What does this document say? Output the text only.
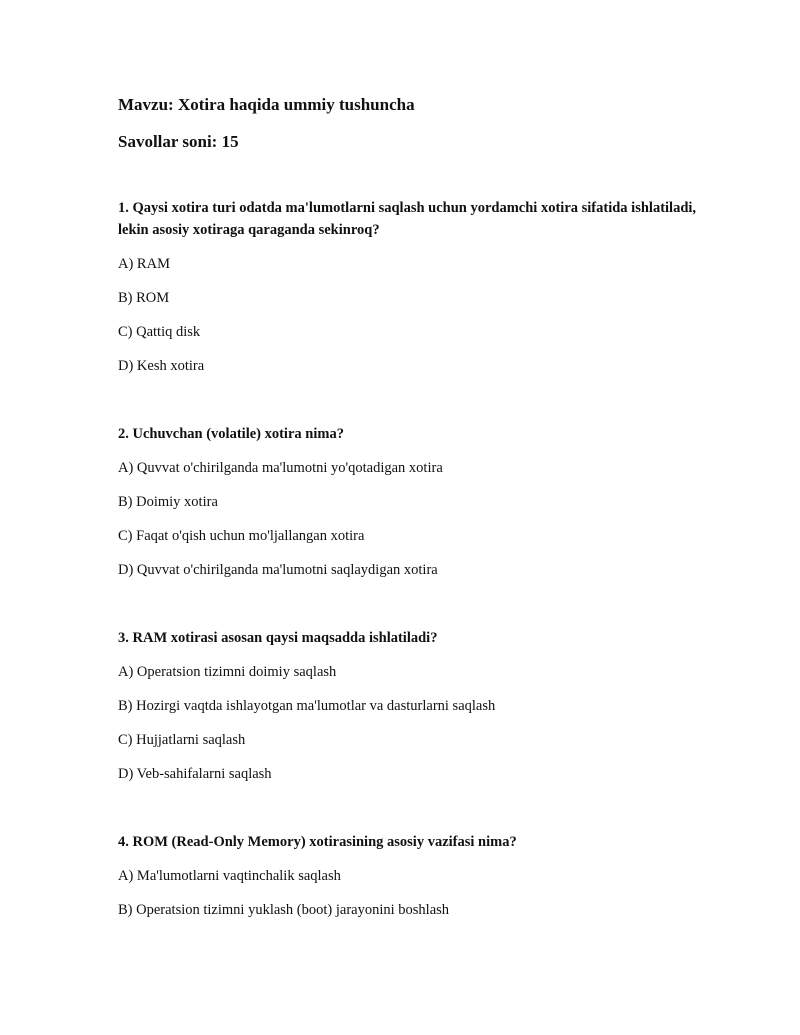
Mavzu: Xotira haqida ummiy tushuncha
Savollar soni: 15

1. Qaysi xotira turi odatda ma'lumotlarni saqlash uchun yordamchi xotira sifatida ishlatiladi, lekin asosiy xotiraga qaraganda sekinroq?

A) RAM

B) ROM

C) Qattiq disk

D) Kesh xotira

2. Uchuvchan (volatile) xotira nima?

A) Quvvat o'chirilganda ma'lumotni yo'qotadigan xotira

B) Doimiy xotira

C) Faqat o'qish uchun mo'ljallangan xotira

D) Quvvat o'chirilganda ma'lumotni saqlaydigan xotira

3. RAM xotirasi asosan qaysi maqsadda ishlatiladi?

A) Operatsion tizimni doimiy saqlash

B) Hozirgi vaqtda ishlayotgan ma'lumotlar va dasturlarni saqlash

C) Hujjatlarni saqlash

D) Veb-sahifalarni saqlash

4. ROM (Read-Only Memory) xotirasining asosiy vazifasi nima?

A) Ma'lumotlarni vaqtinchalik saqlash

B) Operatsion tizimni yuklash (boot) jarayonini boshlash
